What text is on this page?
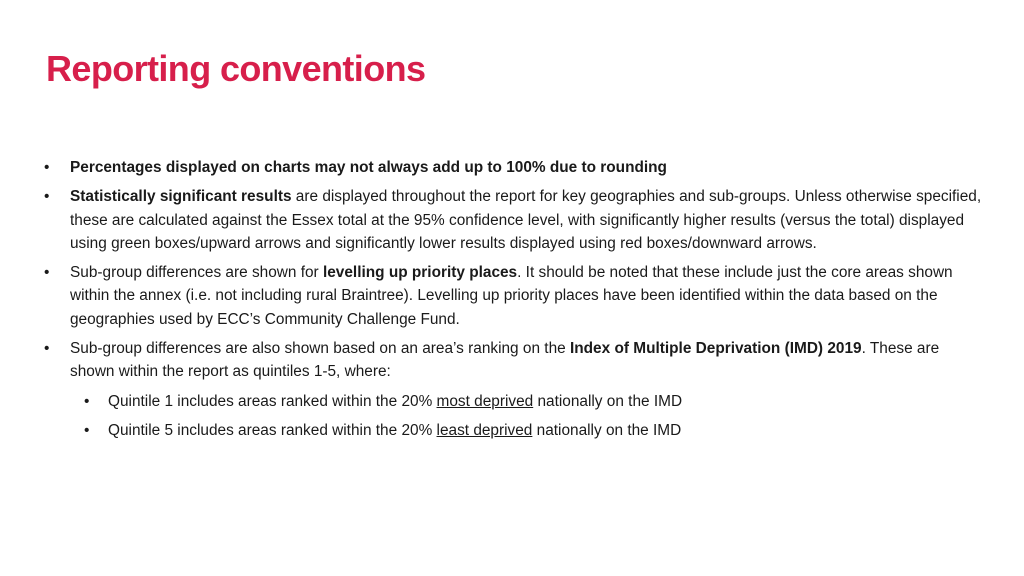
Reporting conventions
•	Percentages displayed on charts may not always add up to 100% due to rounding
•	Statistically significant results are displayed throughout the report for key geographies and sub-groups. Unless otherwise specified, these are calculated against the Essex total at the 95% confidence level, with significantly higher results (versus the total) displayed using green boxes/upward arrows and significantly lower results displayed using red boxes/downward arrows.
•	Sub-group differences are shown for levelling up priority places. It should be noted that these include just the core areas shown within the annex (i.e. not including rural Braintree). Levelling up priority places have been identified within the data based on the geographies used by ECC’s Community Challenge Fund.
•	Sub-group differences are also shown based on an area’s ranking on the Index of Multiple Deprivation (IMD) 2019. These are shown within the report as quintiles 1-5, where:
•	Quintile 1 includes areas ranked within the 20% most deprived nationally on the IMD
•	Quintile 5 includes areas ranked within the 20% least deprived nationally on the IMD
